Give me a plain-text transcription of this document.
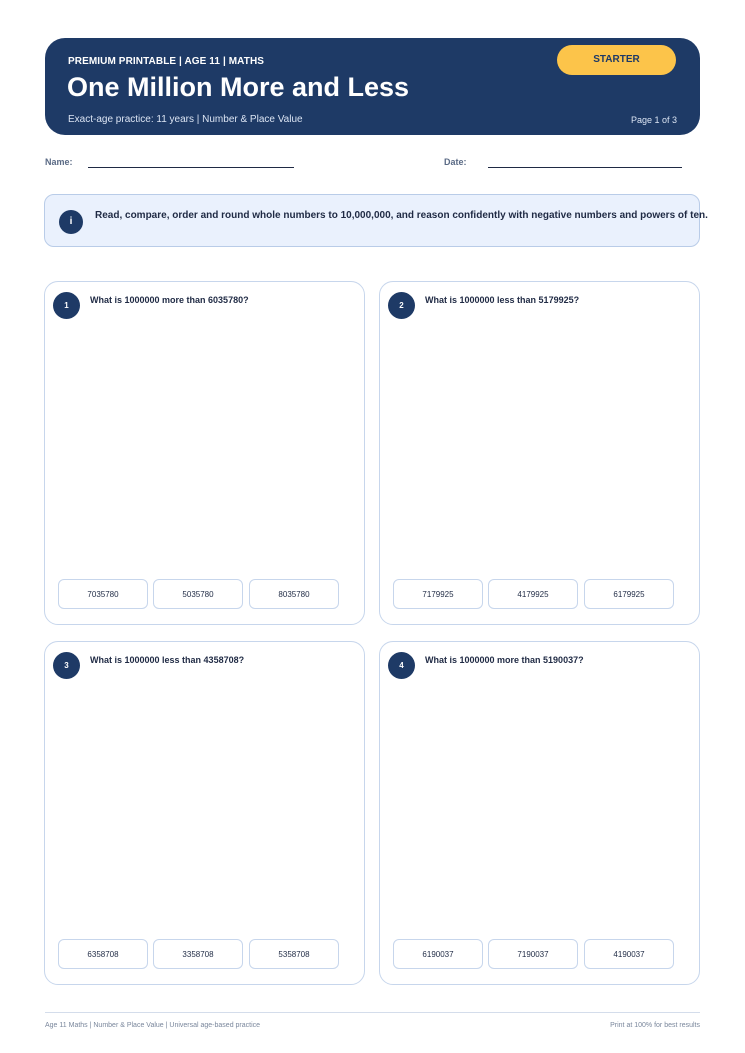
PREMIUM PRINTABLE | AGE 11 | MATHS
One Million More and Less
Exact-age practice: 11 years | Number & Place Value	Page 1 of 3
STARTER
Name:	Date:
i
Read, compare, order and round whole numbers to 10,000,000, and reason confidently with negative numbers and powers of ten.
1
What is 1000000 more than 6035780?
7035780	5035780	8035780
2
What is 1000000 less than 5179925?
7179925	4179925	6179925
3
What is 1000000 less than 4358708?
6358708	3358708	5358708
4
What is 1000000 more than 5190037?
6190037	7190037	4190037
Age 11 Maths | Number & Place Value | Universal age-based practice	Print at 100% for best results
